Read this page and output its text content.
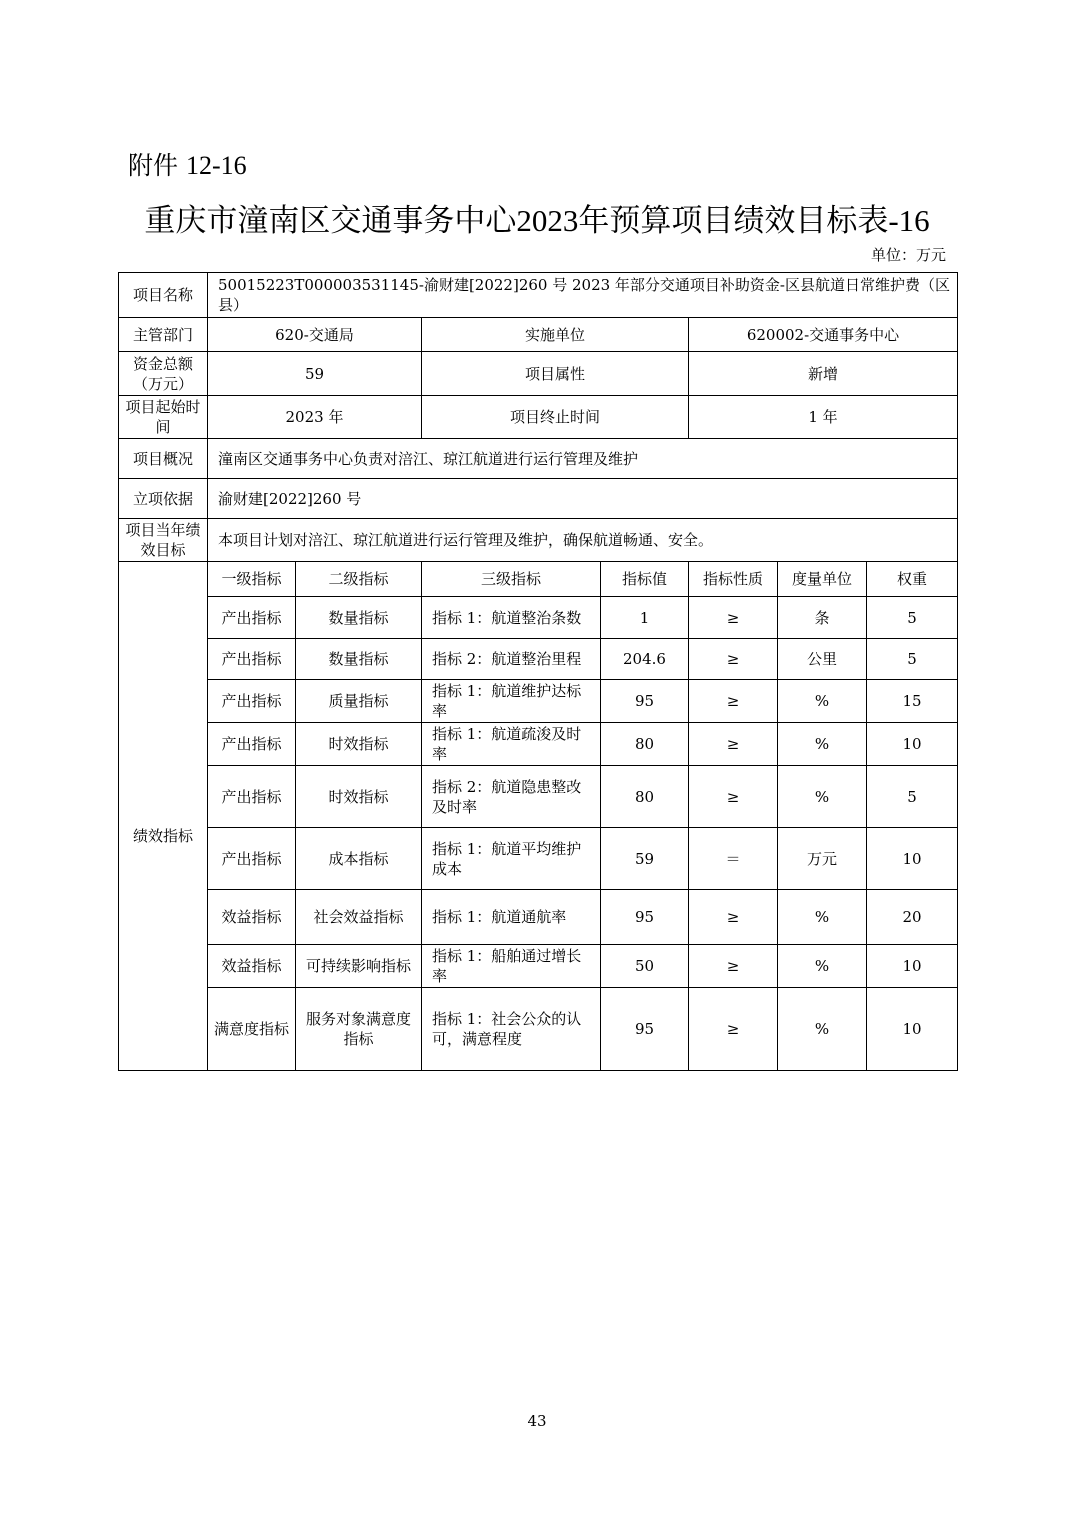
附件 12-16
重庆市潼南区交通事务中心2023年预算项目绩效目标表-16
单位：万元
项目名称	50015223T000003531145-渝财建[2022]260 号 2023 年部分交通项目补助资金-区县航道日常维护费（区县）						
主管部门	620-交通局		实施单位		620002-交通事务中心		
资金总额（万元）	59		项目属性		新增		
项目起始时间	2023 年		项目终止时间		1 年		
项目概况	潼南区交通事务中心负责对涪江、琼江航道进行运行管理及维护						
立项依据	渝财建[2022]260 号						
项目当年绩效目标	本项目计划对涪江、琼江航道进行运行管理及维护，确保航道畅通、安全。						
绩效指标	一级指标	二级指标	三级指标	指标值	指标性质	度量单位	权重
	产出指标	数量指标	指标 1：航道整治条数	1	≥	条	5
	产出指标	数量指标	指标 2：航道整治里程	204.6	≥	公里	5
	产出指标	质量指标	指标 1：航道维护达标率	95	≥	%	15
	产出指标	时效指标	指标 1：航道疏浚及时率	80	≥	%	10
	产出指标	时效指标	指标 2：航道隐患整改及时率	80	≥	%	5
	产出指标	成本指标	指标 1：航道平均维护成本	59	＝	万元	10
	效益指标	社会效益指标	指标 1：航道通航率	95	≥	%	20
	效益指标	可持续影响指标	指标 1：船舶通过增长率	50	≥	%	10
	满意度指标	服务对象满意度指标	指标 1：社会公众的认可，满意程度	95	≥	%	10
43
